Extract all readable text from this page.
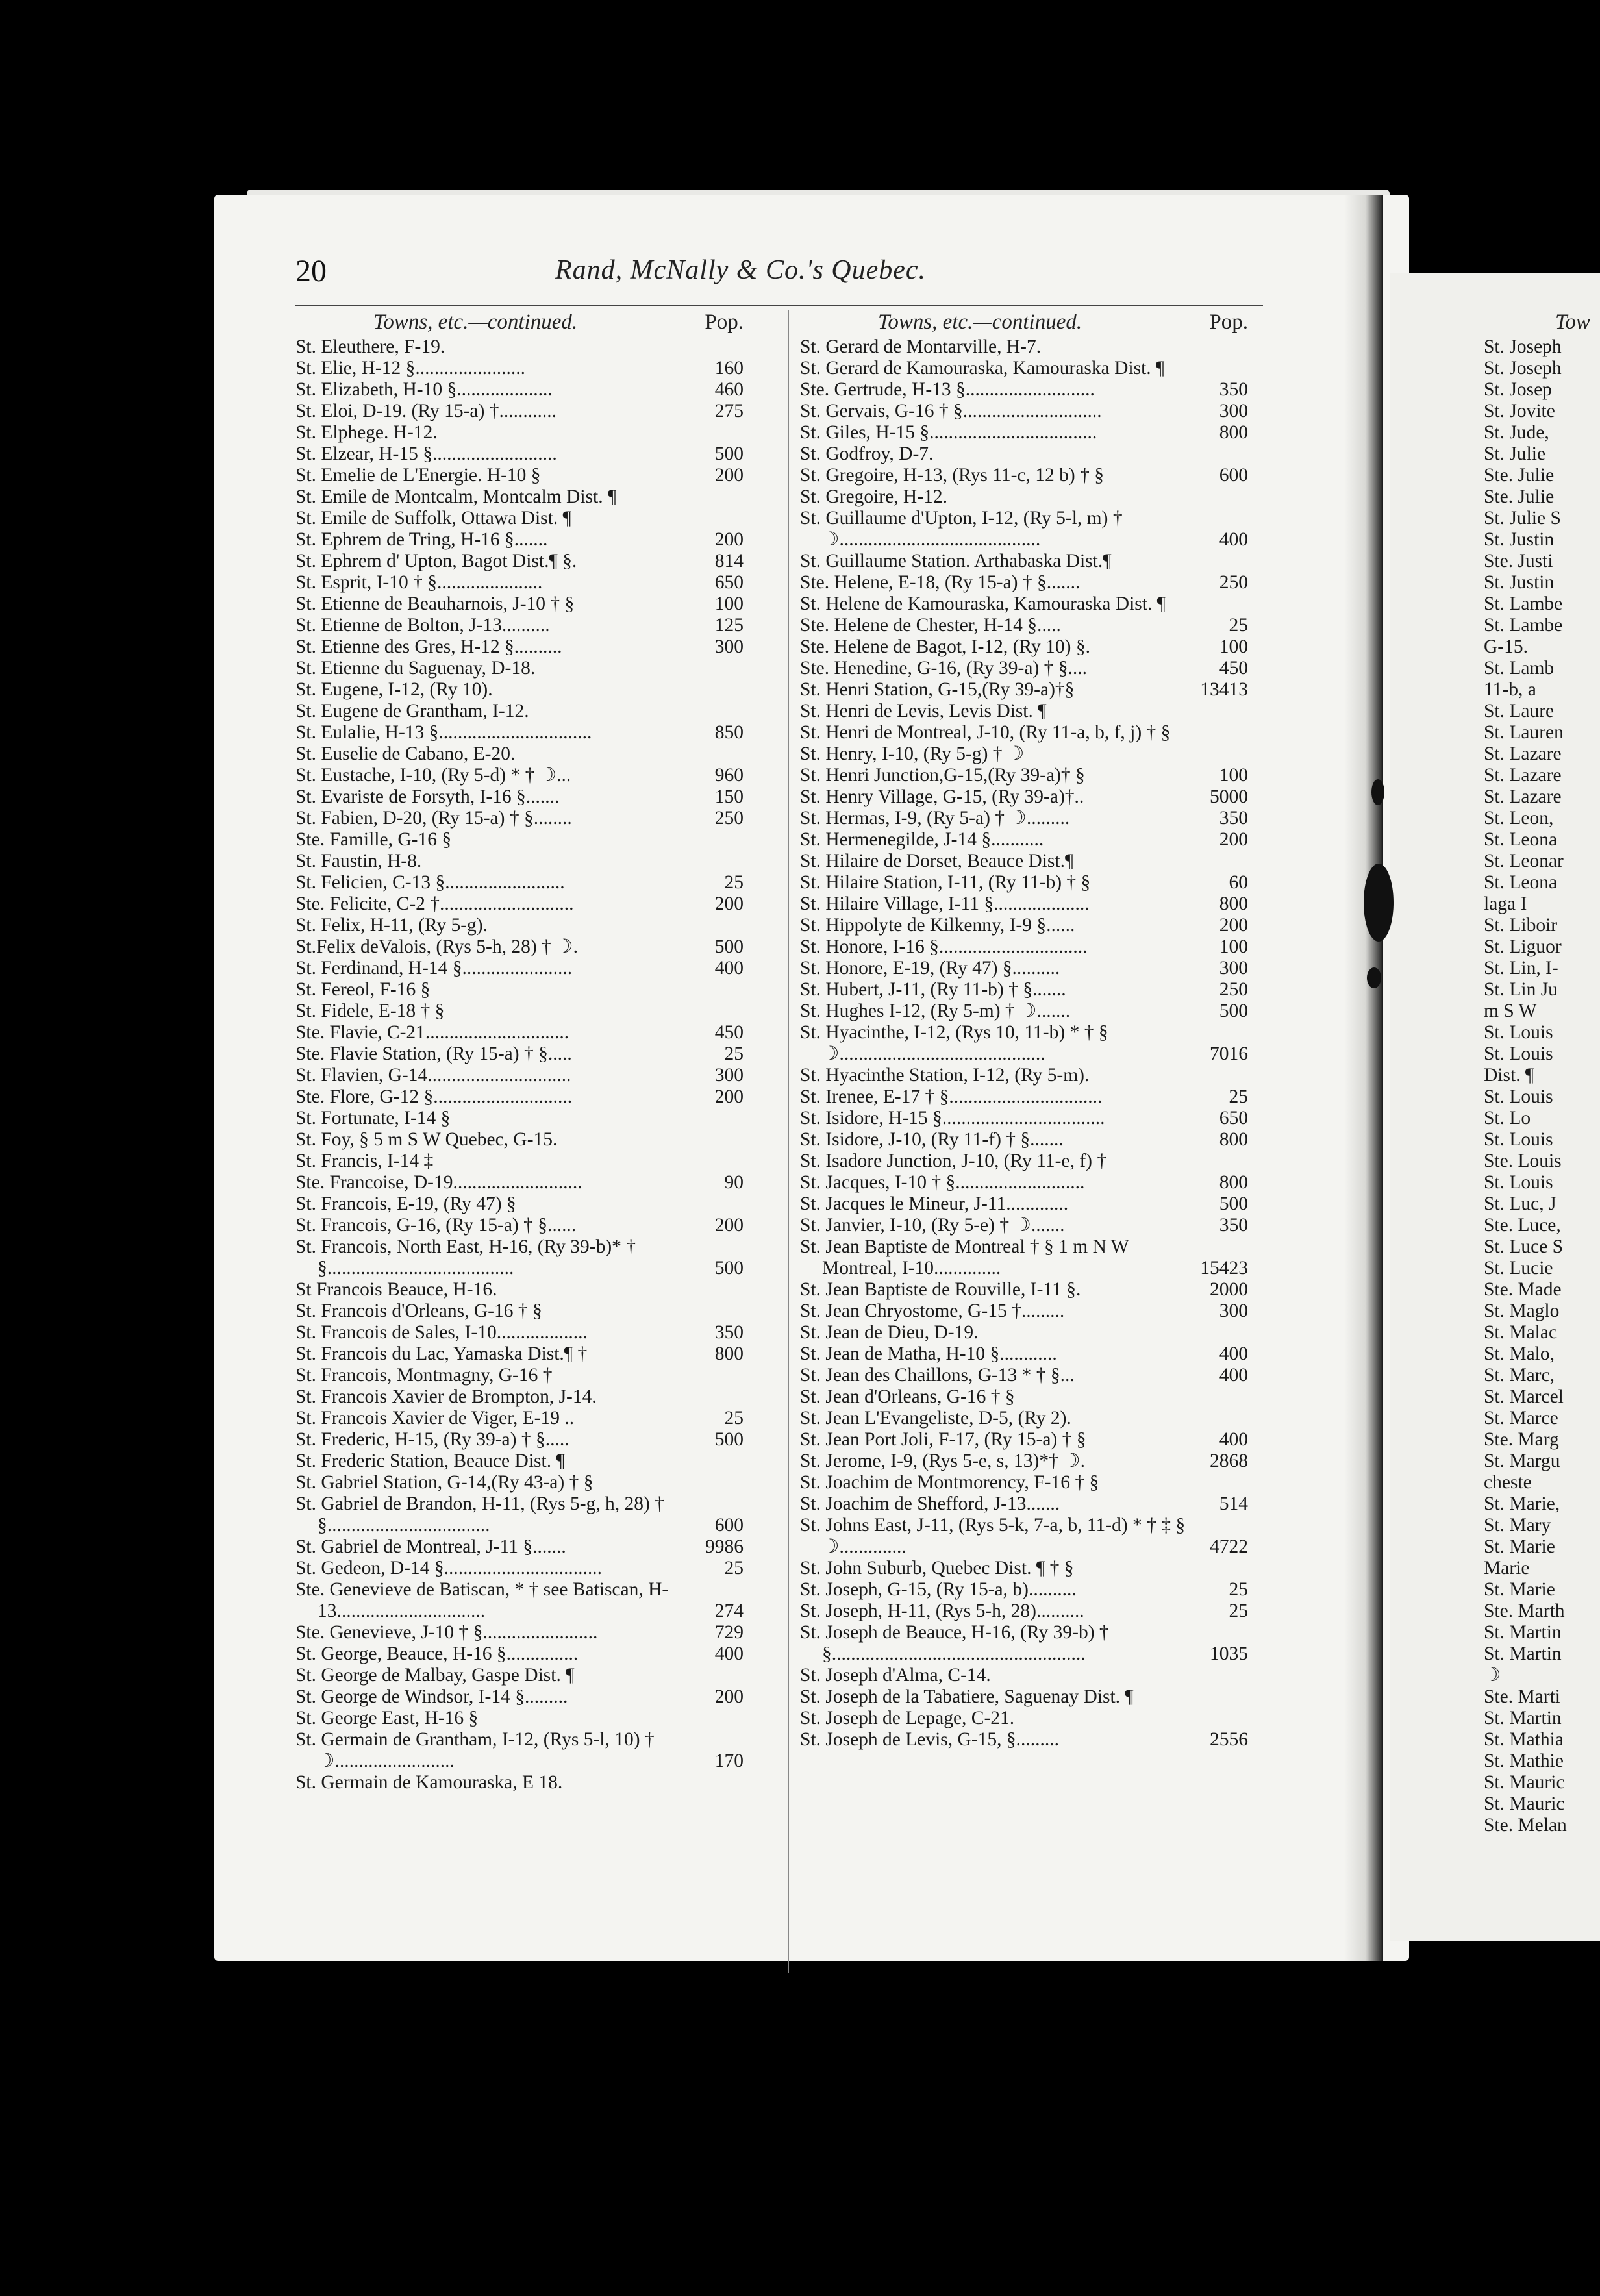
20	Rand, McNally & Co.'s Quebec.
Towns, etc.—continued.	Pop.
St. Eleuthere, F-19.
St. Elie, H-12 §.......................	160
St. Elizabeth, H-10 §....................	460
St. Eloi, D-19. (Ry 15-a) †............	275
St. Elphege. H-12.
St. Elzear, H-15 §..........................	500
St. Emelie de L'Energie. H-10 §	200
St. Emile de Montcalm, Montcalm Dist. ¶
St. Emile de Suffolk, Ottawa Dist. ¶
St. Ephrem de Tring, H-16 §.......	200
St. Ephrem d' Upton, Bagot Dist.¶ §.	814
St. Esprit, I-10 † §......................	650
St. Etienne de Beauharnois, J-10 † §	100
St. Etienne de Bolton, J-13..........	125
St. Etienne des Gres, H-12 §..........	300
St. Etienne du Saguenay, D-18.
St. Eugene, I-12, (Ry 10).
St. Eugene de Grantham, I-12.
St. Eulalie, H-13 §................................	850
St. Euselie de Cabano, E-20.
St. Eustache, I-10, (Ry 5-d) * † ☽...	960
St. Evariste de Forsyth, I-16 §.......	150
St. Fabien, D-20, (Ry 15-a) † §........	250
Ste. Famille, G-16 §
St. Faustin, H-8.
St. Felicien, C-13 §.........................	25
Ste. Felicite, C-2 †............................	200
St. Felix, H-11, (Ry 5-g).
St.Felix deValois, (Rys 5-h, 28) † ☽.	500
St. Ferdinand, H-14 §.......................	400
St. Fereol, F-16 §
St. Fidele, E-18 † §
Ste. Flavie, C-21..............................	450
Ste. Flavie Station, (Ry 15-a) † §.....	25
St. Flavien, G-14..............................	300
Ste. Flore, G-12 §.............................	200
St. Fortunate, I-14 §
St. Foy, § 5 m S W Quebec, G-15.
St. Francis, I-14 ‡
Ste. Francoise, D-19...........................	90
St. Francois, E-19, (Ry 47) §
St. Francois, G-16, (Ry 15-a) † §......	200
St. Francois, North East, H-16, (Ry 39-b)* † §.......................................	500
St Francois Beauce, H-16.
St. Francois d'Orleans, G-16 † §
St. Francois de Sales, I-10...................	350
St. Francois du Lac, Yamaska Dist.¶ †	800
St. Francois, Montmagny, G-16 †
St. Francois Xavier de Brompton, J-14.
St. Francois Xavier de Viger, E-19 ..	25
St. Frederic, H-15, (Ry 39-a) † §.....	500
St. Frederic Station, Beauce Dist. ¶
St. Gabriel Station, G-14,(Ry 43-a) † §
St. Gabriel de Brandon, H-11, (Rys 5-g, h, 28) † §..................................	600
St. Gabriel de Montreal, J-11 §.......	9986
St. Gedeon, D-14 §.................................	25
Ste. Genevieve de Batiscan, * † see Batiscan, H-13...............................	274
Ste. Genevieve, J-10 † §........................	729
St. George, Beauce, H-16 §...............	400
St. George de Malbay, Gaspe Dist. ¶
St. George de Windsor, I-14 §.........	200
St. George East, H-16 §
St. Germain de Grantham, I-12, (Rys 5-l, 10) † ☽.........................	170
St. Germain de Kamouraska, E 18.
Towns, etc.—continued.	Pop.
St. Gerard de Montarville, H-7.
St. Gerard de Kamouraska, Kamouraska Dist. ¶
Ste. Gertrude, H-13 §...........................	350
St. Gervais, G-16 † §.............................	300
St. Giles, H-15 §...................................	800
St. Godfroy, D-7.
St. Gregoire, H-13, (Rys 11-c, 12 b) † §	600
St. Gregoire, H-12.
St. Guillaume d'Upton, I-12, (Ry 5-l, m) † ☽..........................................	400
St. Guillaume Station. Arthabaska Dist.¶
Ste. Helene, E-18, (Ry 15-a) † §.......	250
St. Helene de Kamouraska, Kamouraska Dist. ¶
Ste. Helene de Chester, H-14 §.....	25
Ste. Helene de Bagot, I-12, (Ry 10) §.	100
Ste. Henedine, G-16, (Ry 39-a) † §....	450
St. Henri Station, G-15,(Ry 39-a)†§	13413
St. Henri de Levis, Levis Dist. ¶
St. Henri de Montreal, J-10, (Ry 11-a, b, f, j) † §
St. Henry, I-10, (Ry 5-g) † ☽
St. Henri Junction,G-15,(Ry 39-a)† §	100
St. Henry Village, G-15, (Ry 39-a)†..	5000
St. Hermas, I-9, (Ry 5-a) † ☽.........	350
St. Hermenegilde, J-14 §...........	200
St. Hilaire de Dorset, Beauce Dist.¶
St. Hilaire Station, I-11, (Ry 11-b) † §	60
St. Hilaire Village, I-11 §....................	800
St. Hippolyte de Kilkenny, I-9 §......	200
St. Honore, I-16 §...............................	100
St. Honore, E-19, (Ry 47) §..........	300
St. Hubert, J-11, (Ry 11-b) † §.......	250
St. Hughes I-12, (Ry 5-m) † ☽.......	500
St. Hyacinthe, I-12, (Rys 10, 11-b) * † § ☽...........................................	7016
St. Hyacinthe Station, I-12, (Ry 5-m).
St. Irenee, E-17 † §................................	25
St. Isidore, H-15 §..................................	650
St. Isidore, J-10, (Ry 11-f) † §.......	800
St. Isadore Junction, J-10, (Ry 11-e, f) †
St. Jacques, I-10 † §...........................	800
St. Jacques le Mineur, J-11.............	500
St. Janvier, I-10, (Ry 5-e) † ☽.......	350
St. Jean Baptiste de Montreal † § 1 m N W Montreal, I-10..............	15423
St. Jean Baptiste de Rouville, I-11 §.	2000
St. Jean Chryostome, G-15 †.........	300
St. Jean de Dieu, D-19.
St. Jean de Matha, H-10 §............	400
St. Jean des Chaillons, G-13 * † §...	400
St. Jean d'Orleans, G-16 † §
St. Jean L'Evangeliste, D-5, (Ry 2).
St. Jean Port Joli, F-17, (Ry 15-a) † §	400
St. Jerome, I-9, (Rys 5-e, s, 13)*† ☽.	2868
St. Joachim de Montmorency, F-16 † §
St. Joachim de Shefford, J-13.......	514
St. Johns East, J-11, (Rys 5-k, 7-a, b, 11-d) * † ‡ § ☽..............	4722
St. John Suburb, Quebec Dist. ¶ † §
St. Joseph, G-15, (Ry 15-a, b)..........	25
St. Joseph, H-11, (Rys 5-h, 28)..........	25
St. Joseph de Beauce, H-16, (Ry 39-b) † §.....................................................	1035
St. Joseph d'Alma, C-14.
St. Joseph de la Tabatiere, Saguenay Dist. ¶
St. Joseph de Lepage, C-21.
St. Joseph de Levis, G-15, §.........	2556
Tow
St. Joseph
St. Joseph
St. Josep
St. Jovite
St. Jude,
St. Julie
Ste. Julie
Ste. Julie
St. Julie S
St. Justin
Ste. Justi
St. Justin
St. Lambe
St. Lambe
G-15.
St. Lamb
11-b, a
St. Laure
St. Lauren
St. Lazare
St. Lazare
St. Lazare
St. Leon,
St. Leona
St. Leonar
St. Leona
laga I
St. Liboir
St. Liguor
St. Lin, I-
St. Lin Ju
m S W
St. Louis
St. Louis
Dist. ¶
St. Louis
St. Lo
St. Louis
Ste. Louis
St. Louis
St. Luc, J
Ste. Luce,
St. Luce S
St. Lucie
Ste. Made
St. Maglo
St. Malac
St. Malo,
St. Marc,
St. Marcel
St. Marce
Ste. Marg
St. Margu
cheste
St. Marie,
St. Mary
St. Marie
Marie
St. Marie
Ste. Marth
St. Martin
St. Martin
☽
Ste. Marti
St. Martin
St. Mathia
St. Mathie
St. Mauric
St. Mauric
Ste. Melan
